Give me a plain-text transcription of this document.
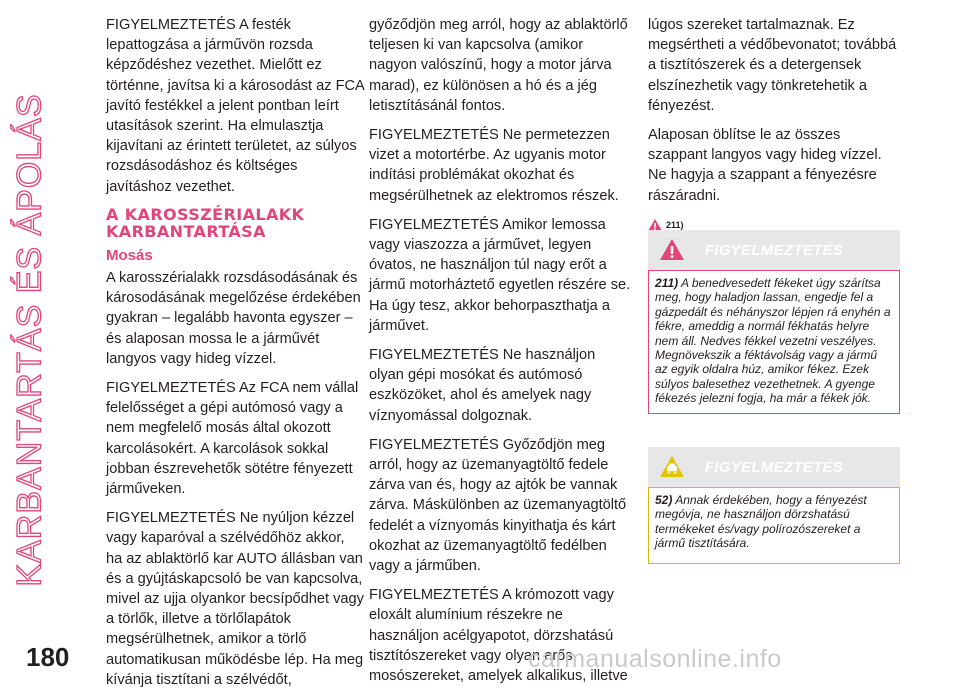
KARBANTARTÁS ÉS ÁPOLÁS

FIGYELMEZTETÉS A festék lepattogzása a járművön rozsda képződéshez vezethet. Mielőtt ez történne, javítsa ki a károsodást az FCA javító festékkel a jelent pontban leírt utasítások szerint. Ha elmulasztja kijavítani az érintett területet, az súlyos rozsdásodáshoz és költséges javításhoz vezethet.

A KAROSSZÉRIALAKK KARBANTARTÁSA
Mosás

A karosszérialakk rozsdásodásának és károsodásának megelőzése érdekében gyakran – legalább havonta egyszer – és alaposan mossa le a járművét langyos vagy hideg vízzel.

FIGYELMEZTETÉS Az FCA nem vállal felelősséget a gépi autómosó vagy a nem megfelelő mosás által okozott karcolásokért. A karcolások sokkal jobban észrevehetők sötétre fényezett járműveken.

FIGYELMEZTETÉS Ne nyúljon kézzel vagy kaparóval a szélvédőhöz akkor, ha az ablaktörlő kar AUTO állásban van és a gyújtáskapcsoló be van kapcsolva, mivel az ujja olyankor becsípődhet vagy a törlők, illetve a törlőlapátok megsérülhetnek, amikor a törlő automatikusan működésbe lép. Ha meg kívánja tisztítani a szélvédőt,

győződjön meg arról, hogy az ablaktörlő teljesen ki van kapcsolva (amikor nagyon valószínű, hogy a motor járva marad), ez különösen a hó és a jég letisztításánál fontos.

FIGYELMEZTETÉS Ne permetezzen vizet a motortérbe. Az ugyanis motor indítási problémákat okozhat és megsérülhetnek az elektromos részek.

FIGYELMEZTETÉS Amikor lemossa vagy viaszozza a járművet, legyen óvatos, ne használjon túl nagy erőt a jármű motorháztető egyetlen részére se. Ha úgy tesz, akkor behorpaszthatja a járművet.

FIGYELMEZTETÉS Ne használjon olyan gépi mosókat és autómosó eszközöket, ahol és amelyek nagy víznyomással dolgoznak.

FIGYELMEZTETÉS Győződjön meg arról, hogy az üzemanyagtöltő fedele zárva van és, hogy az ajtók be vannak zárva. Máskülönben az üzemanyagtöltő fedelét a víznyomás kinyithatja és kárt okozhat az üzemanyagtöltő fedélben vagy a járműben.

FIGYELMEZTETÉS A krómozott vagy eloxált alumínium részekre ne használjon acélgyapotot, dörzshatású tisztítószereket vagy olyan erős mosószereket, amelyek alkalikus, illetve

lúgos szereket tartalmaznak. Ez megsértheti a védőbevonatot; továbbá a tisztítószerek és a detergensek elszínezhetik vagy tönkretehetik a fényezést.

Alaposan öblítse le az összes szappant langyos vagy hideg vízzel. Ne hagyja a szappant a fényezésre rászáradni.

211)
FIGYELMEZTETÉS
211) A benedvesedett fékeket úgy szárítsa meg, hogy haladjon lassan, engedje fel a gázpedált és néhányszor lépjen rá enyhén a fékre, ameddig a normál fékhatás helyre nem áll. Nedves fékkel vezetni veszélyes. Megnövekszik a féktávolság vagy a jármű az egyik oldalra húz, amikor fékez. Ezek súlyos balesethez vezethetnek. A gyenge fékezés jelezni fogja, ha már a fékek jók.
FIGYELMEZTETÉS
52) Annak érdekében, hogy a fényezést megóvja, ne használjon dörzshatású termékeket és/vagy polírozószereket a jármű tisztítására.
180	carmanualsonline.info
